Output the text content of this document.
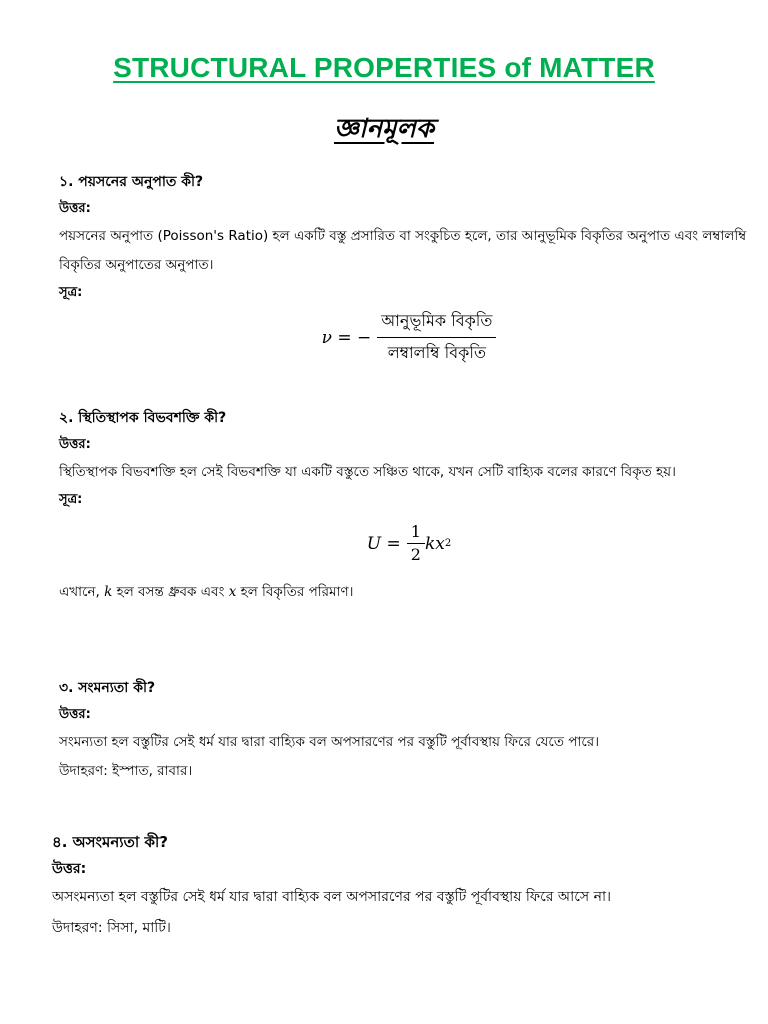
STRUCTURAL PROPERTIES of MATTER
জ্ঞানমূলক
১. পয়সনের অনুপাত কী?
উত্তর:

পয়সনের অনুপাত (Poisson's Ratio) হল একটি বস্তু প্রসারিত বা সংকুচিত হলে, তার আনুভূমিক বিকৃতির অনুপাত এবং লম্বালম্বি বিকৃতির অনুপাতের অনুপাত।

সূত্র:
ν = − $\frac{\text{আনুভূমিক বিকৃতি}}{\text{লম্বালম্বি বিকৃতি}}$
২. স্থিতিস্থাপক বিভবশক্তি কী?
উত্তর:

স্থিতিস্থাপক বিভবশক্তি হল সেই বিভবশক্তি যা একটি বস্তুতে সঞ্চিত থাকে, যখন সেটি বাহ্যিক বলের কারণে বিকৃত হয়।

সূত্র:
$U = \frac{1}{2}$ kx 2

এখানে, k হল বসন্ত ধ্রুবক এবং x হল বিকৃতির পরিমাণ।

৩. সংমন্যতা কী?
উত্তর:

সংমন্যতা হল বস্তুটির সেই ধর্ম যার দ্বারা বাহ্যিক বল অপসারণের পর বস্তুটি পূর্বাবস্থায় ফিরে যেতে পারে।

উদাহরণ: ইস্পাত, রাবার।

৪. অসংমন্যতা কী?
উত্তর:

অসংমন্যতা হল বস্তুটির সেই ধর্ম যার দ্বারা বাহ্যিক বল অপসারণের পর বস্তুটি পূর্বাবস্থায় ফিরে আসে না।

উদাহরণ: সিসা, মাটি।
